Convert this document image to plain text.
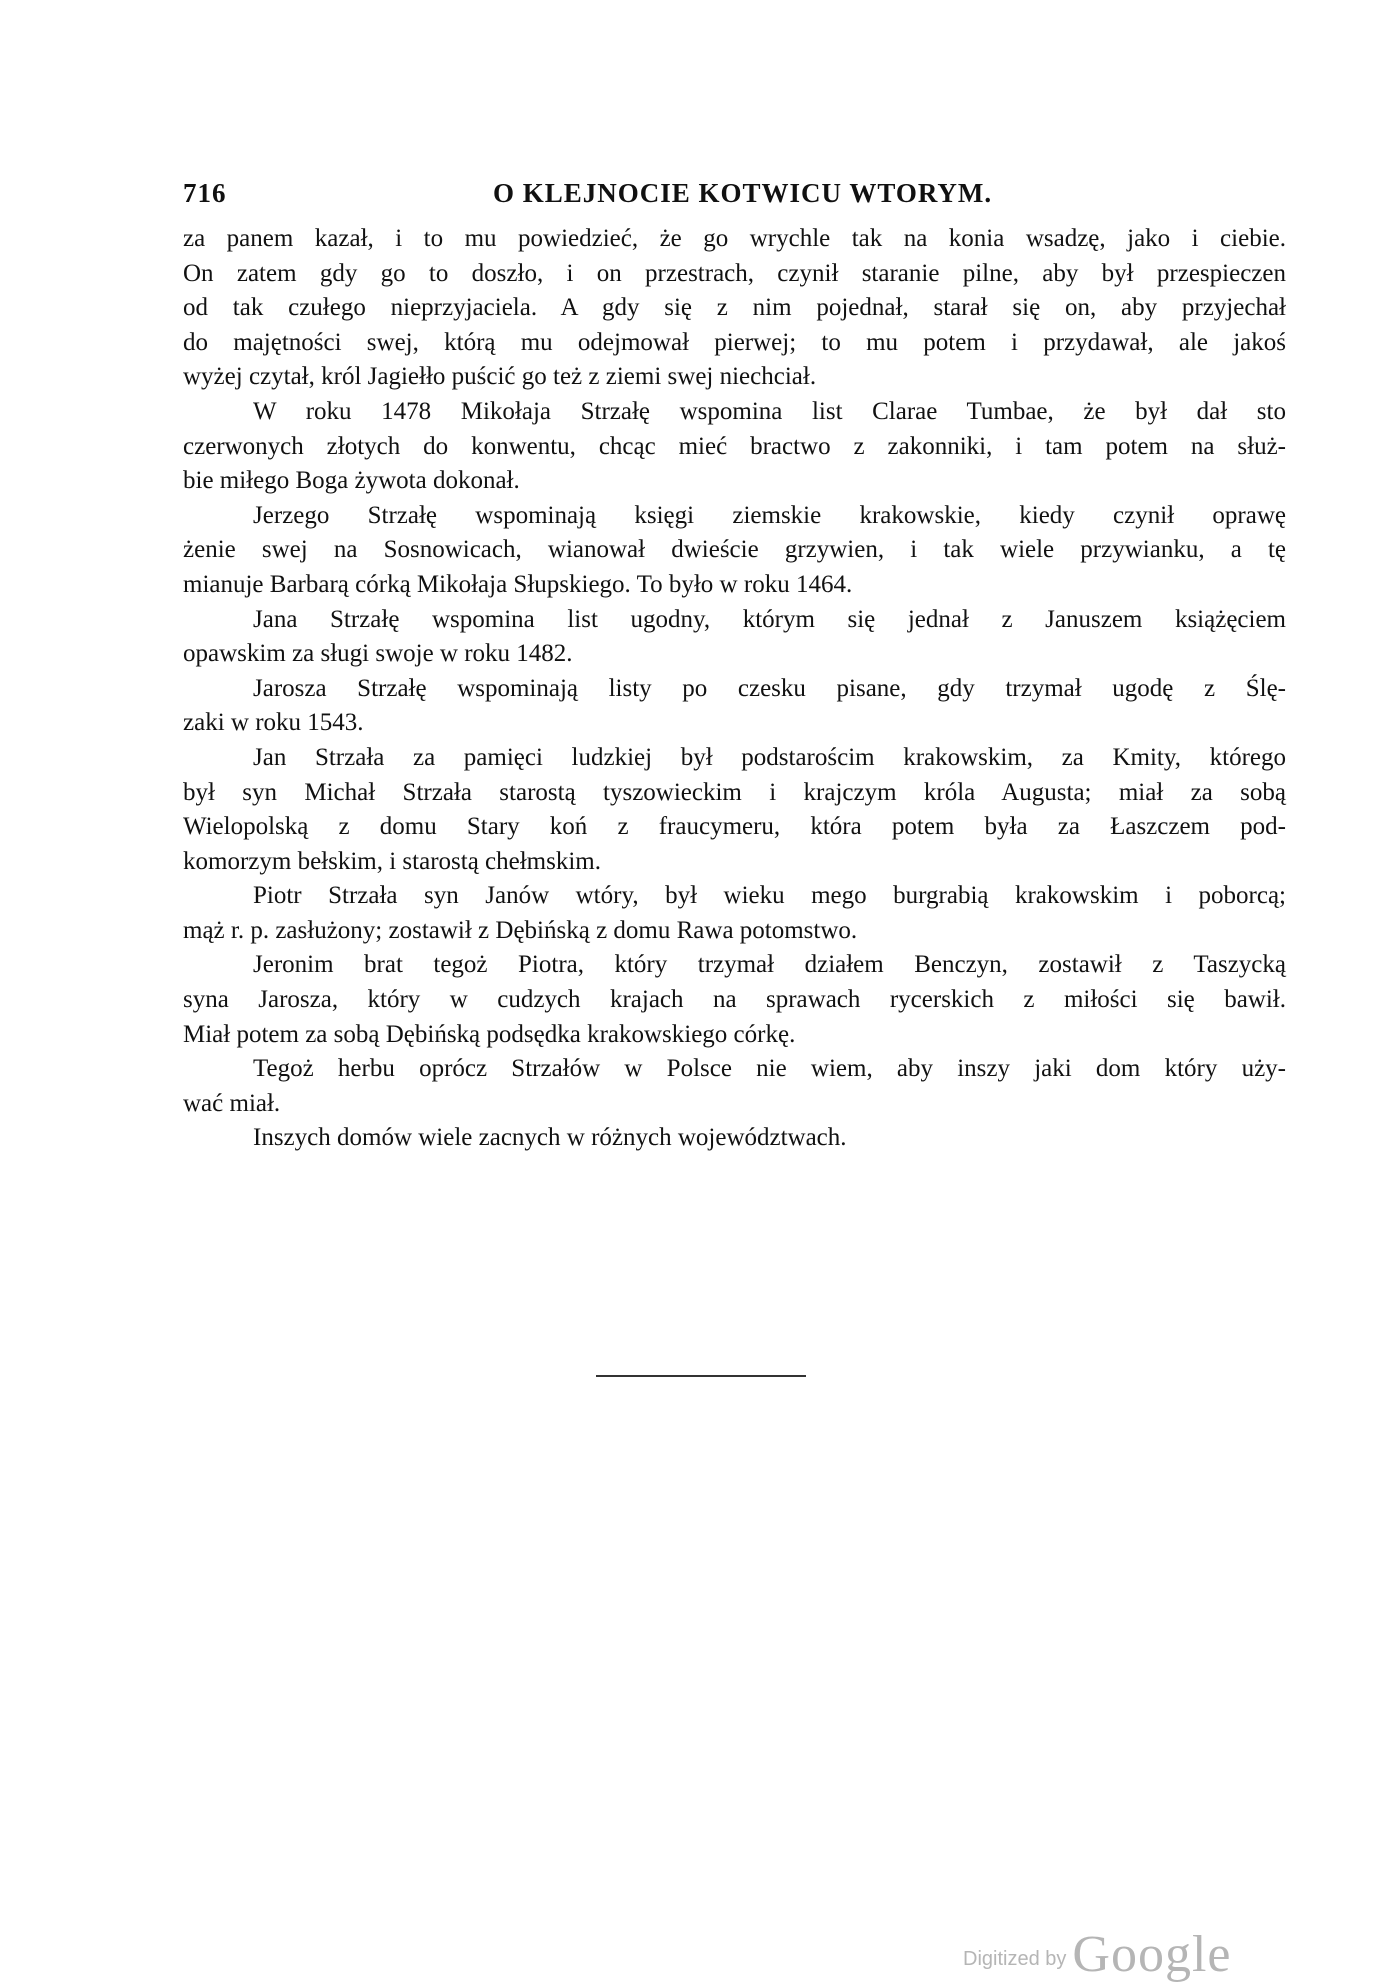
716	O KLEJNOCIE KOTWICU WTORYM.
za panem kazał, i to mu powiedzieć, że go wrychle tak na konia wsadzę, jako i ciebie.
On zatem gdy go to doszło, i on przestrach, czynił staranie pilne, aby był przespieczen
od tak czułego nieprzyjaciela. A gdy się z nim pojednał, starał się on, aby przyjechał
do majętności swej, którą mu odejmował pierwej; to mu potem i przydawał, ale jakoś
wyżej czytał, król Jagiełło puścić go też z ziemi swej niechciał.
W roku 1478 Mikołaja Strzałę wspomina list Clarae Tumbae, że był dał sto
czerwonych złotych do konwentu, chcąc mieć bractwo z zakonniki, i tam potem na służ-
bie miłego Boga żywota dokonał.
Jerzego Strzałę wspominają księgi ziemskie krakowskie, kiedy czynił oprawę
żenie swej na Sosnowicach, wianował dwieście grzywien, i tak wiele przywianku, a tę
mianuje Barbarą córką Mikołaja Słupskiego. To było w roku 1464.
Jana Strzałę wspomina list ugodny, którym się jednał z Januszem książęciem
opawskim za sługi swoje w roku 1482.
Jarosza Strzałę wspominają listy po czesku pisane, gdy trzymał ugodę z Ślę-
zaki w roku 1543.
Jan Strzała za pamięci ludzkiej był podstarościm krakowskim, za Kmity, którego
był syn Michał Strzała starostą tyszowieckim i krajczym króla Augusta; miał za sobą
Wielopolską z domu Stary koń z fraucymeru, która potem była za Łaszczem pod-
komorzym bełskim, i starostą chełmskim.
Piotr Strzała syn Janów wtóry, był wieku mego burgrabią krakowskim i poborcą;
mąż r. p. zasłużony; zostawił z Dębińską z domu Rawa potomstwo.
Jeronim brat tegoż Piotra, który trzymał działem Benczyn, zostawił z Taszycką
syna Jarosza, który w cudzych krajach na sprawach rycerskich z miłości się bawił.
Miał potem za sobą Dębińską podsędka krakowskiego córkę.
Tegoż herbu oprócz Strzałów w Polsce nie wiem, aby inszy jaki dom który uży-
wać miał.
Inszych domów wiele zacnych w różnych województwach.
Digitized by Google
